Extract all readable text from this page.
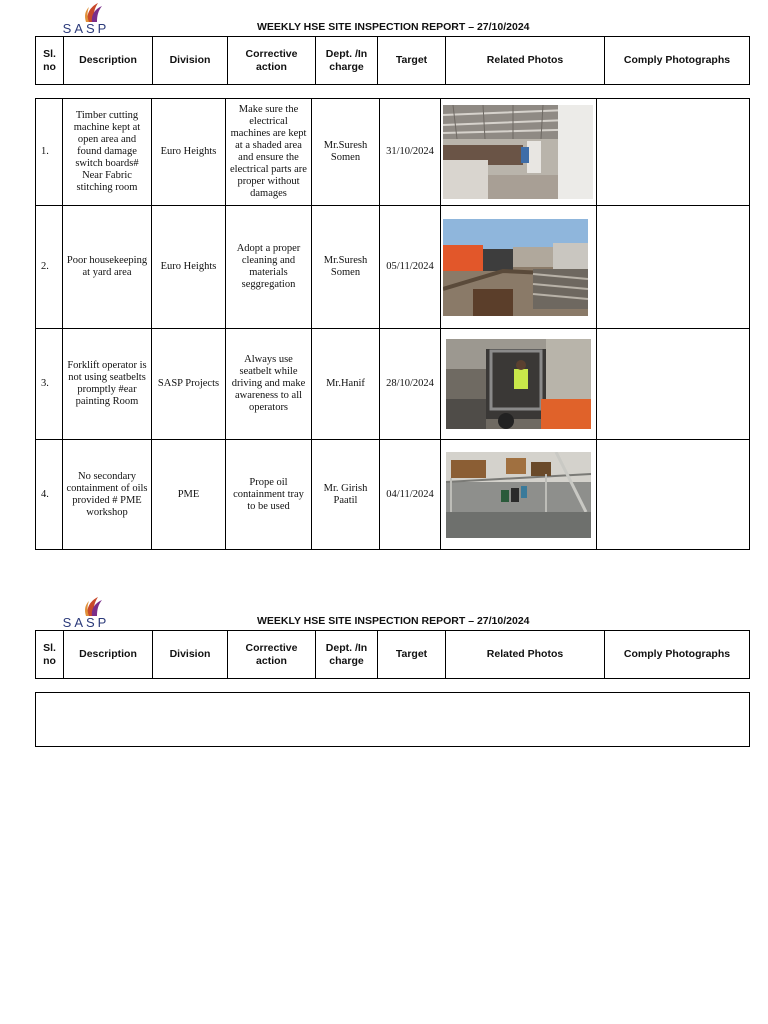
SASP	WEEKLY HSE SITE INSPECTION REPORT – 27/10/2024
Sl. no	Description	Division	Corrective action	Dept. /In charge	Target	Related Photos	Comply Photographs
1.	Timber cutting machine kept at open area and found damage switch boards# Near Fabric stitching room	Euro Heights	Make sure the electrical machines are kept at a shaded area and ensure the electrical parts are proper without damages	Mr.Suresh Somen	31/10/2024	

2.	Poor housekeeping at yard area	Euro Heights	Adopt a proper cleaning and materials seggregation	Mr.Suresh Somen	05/11/2024	

3.	Forklift operator is not using seatbelts promptly #ear painting Room	SASP Projects	Always use seatbelt while driving and make awareness to all operators	Mr.Hanif	28/10/2024	

4.	No secondary containment of oils provided # PME workshop	PME	Prope oil containment tray to be used	Mr. Girish Paatil	04/11/2024	

SASP	WEEKLY HSE SITE INSPECTION REPORT – 27/10/2024
Sl. no	Description	Division	Corrective action	Dept. /In charge	Target	Related Photos	Comply Photographs
